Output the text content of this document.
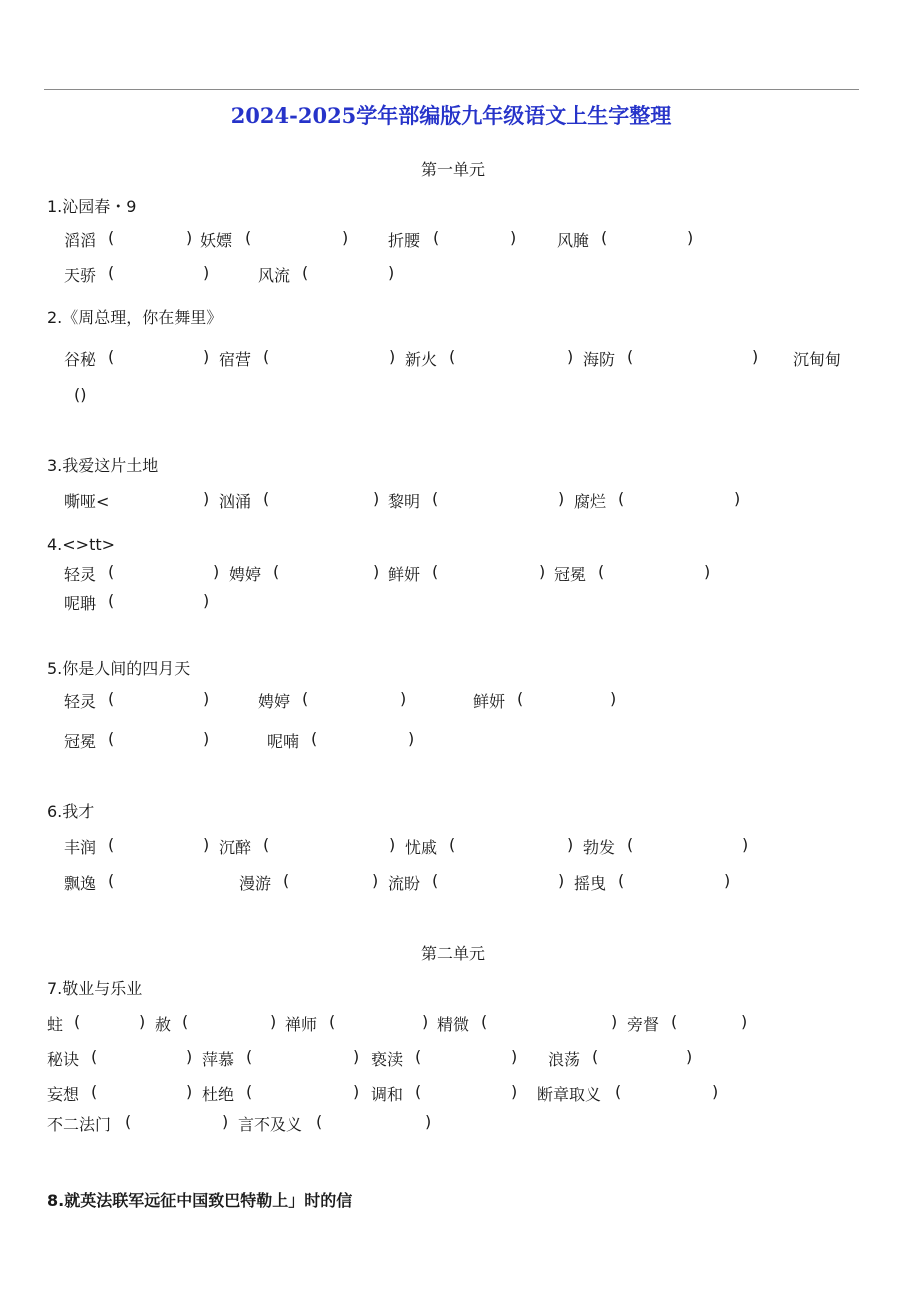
2024-2025学年部编版九年级语文上生字整理
第一单元
1.沁园春・9
滔滔 (	) 妖嫖 (	) 折腰 (	)	风腌 (	)
天骄 (	)	风流 (	)
2.《周总理，你在舞里》
谷秘 (	) 宿营 (	) 新火 (	) 海防 (	) 沉甸甸
()
3.我爱这片土地
嘶哑<	) 汹涌 (	) 黎明 (	) 腐烂 (	)
4.<>tt>
轻灵 (	) 娉婷 (	) 鲜妍 (	) 冠冕 (	)
呢聃 (	)
5.你是人间的四月天
轻灵 (	)	娉婷 (	)	鲜妍 (	)
冠冕 (	)	呢喃 (	)
6.我才
丰润 (	) 沉醉 (	) 忧戚 (	) 勃发 (	)
飘逸 (	漫游 (	) 流盼 (	) 摇曳 (	)
第二单元
7.敬业与乐业
蛀 (	) 赦 (	) 禅师 (	) 精微 (	) 旁督 (	)
秘诀 (	) 萍慕 (	) 亵渎 (	) 浪荡 (	)
妄想 (	) 杜绝 (	) 调和 (	) 断章取义 (	)
不二法门 (	) 言不及义 (	)
8.就英法联军远征中国致巴特勒上」时的信
